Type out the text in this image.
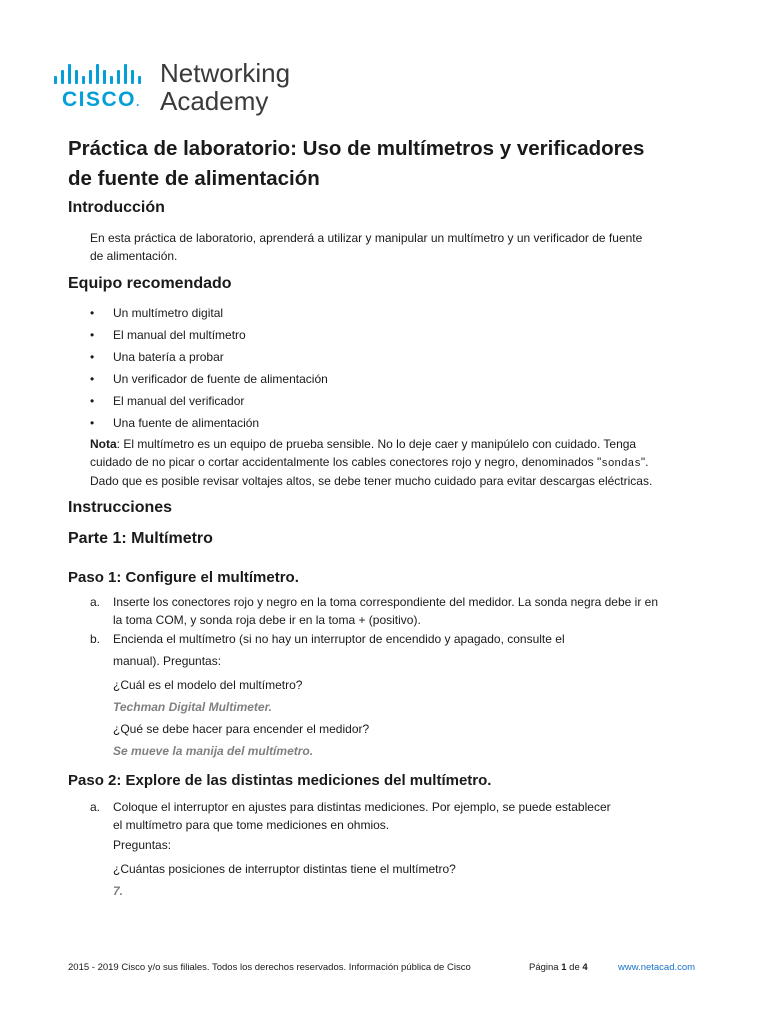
CISCO.
Networking
Academy
Práctica de laboratorio: Uso de multímetros y verificadores
de fuente de alimentación
Introducción
En esta práctica de laboratorio, aprenderá a utilizar y manipular un multímetro y un verificador de fuente
de alimentación.
Equipo recomendado
• Un multímetro digital
• El manual del multímetro
• Una batería a probar
• Un verificador de fuente de alimentación
• El manual del verificador
• Una fuente de alimentación
Nota: El multímetro es un equipo de prueba sensible. No lo deje caer y manipúlelo con cuidado. Tenga
cuidado de no picar o cortar accidentalmente los cables conectores rojo y negro, denominados "sondas".
Dado que es posible revisar voltajes altos, se debe tener mucho cuidado para evitar descargas eléctricas.
Instrucciones
Parte 1: Multímetro
Paso 1: Configure el multímetro.
a. Inserte los conectores rojo y negro en la toma correspondiente del medidor. La sonda negra debe ir en
la toma COM, y sonda roja debe ir en la toma + (positivo).
b. Encienda el multímetro (si no hay un interruptor de encendido y apagado, consulte el
manual). Preguntas:
¿Cuál es el modelo del multímetro?
Techman Digital Multimeter.
¿Qué se debe hacer para encender el medidor?
Se mueve la manija del multímetro.
Paso 2: Explore de las distintas mediciones del multímetro.
a. Coloque el interruptor en ajustes para distintas mediciones. Por ejemplo, se puede establecer
el multímetro para que tome mediciones en ohmios.
Preguntas:
¿Cuántas posiciones de interruptor distintas tiene el multímetro?
7.
2015 - 2019 Cisco y/o sus filiales. Todos los derechos reservados. Información pública de Cisco	Página 1 de 4	www.netacad.com
